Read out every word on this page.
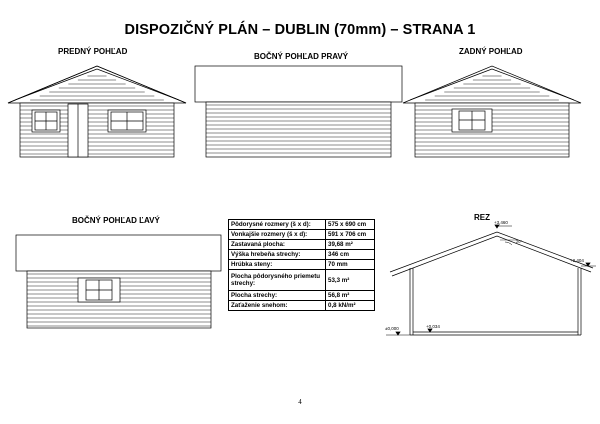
DISPOZIČNÝ PLÁN – DUBLIN (70mm) – STRANA 1
PREDNÝ POHĽAD
BOČNÝ POHĽAD PRAVÝ
ZADNÝ POHĽAD
BOČNÝ POHĽAD ĽAVÝ	REZ
+3,460
+2,404
±0,000	+0,034
20°
Pôdorysné rozmery (š x d):	575 x 690 cm
Vonkajšie rozmery (š x d):	591 x 706 cm
Zastavaná plocha:	39,68 m²
Výška hrebeňa strechy:	346 cm
Hrúbka steny:	70 mm
Plocha pôdorysného priemetu strechy:	53,3 m²
Plocha strechy:	56,8 m²
Zaťaženie snehom:	0,8 kN/m²
4
